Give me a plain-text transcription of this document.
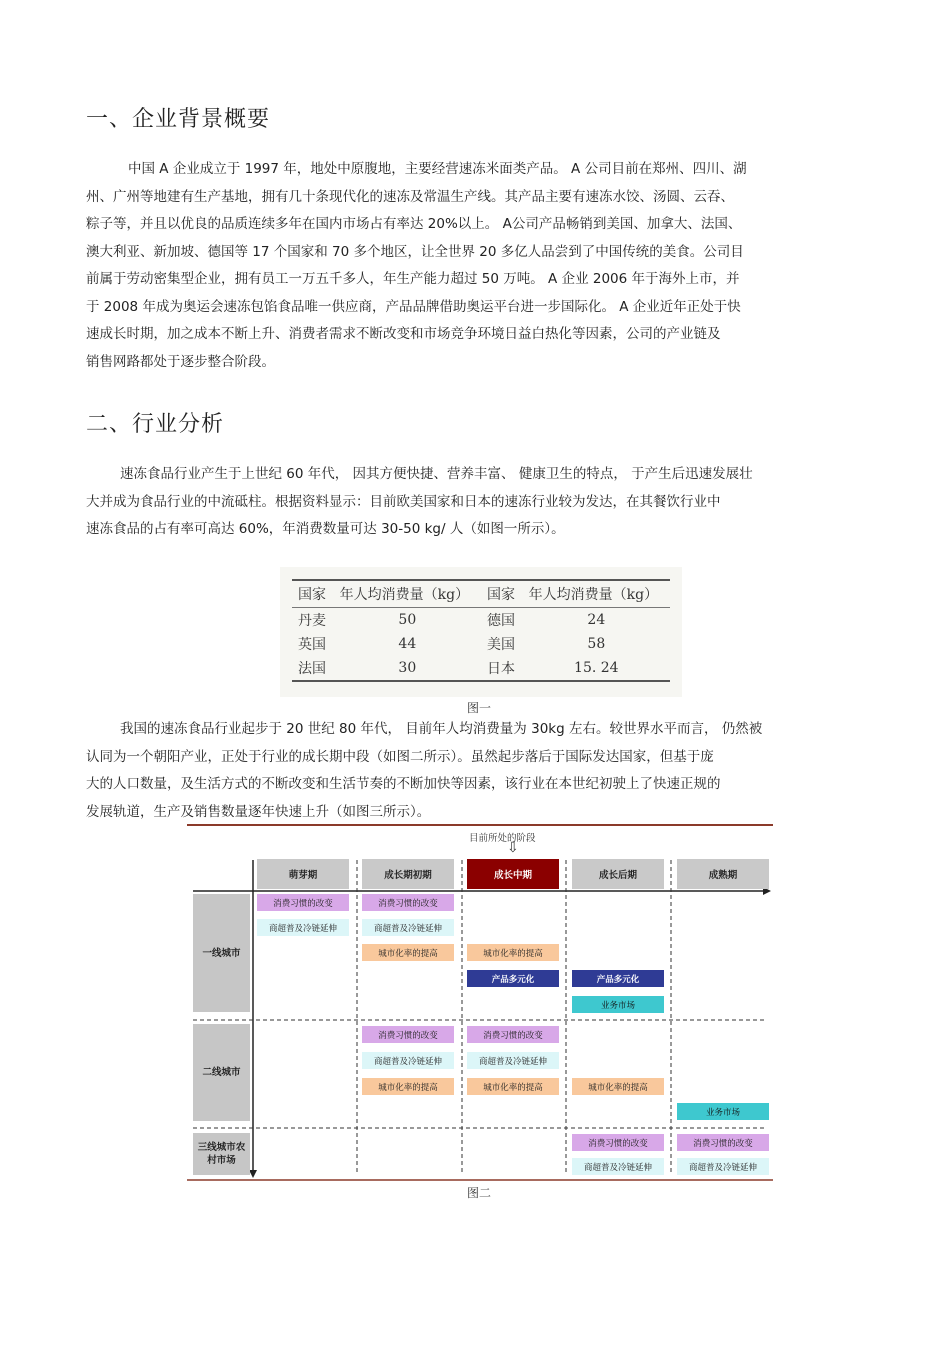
一、企业背景概要

中国 A 企业成立于 1997 年，地处中原腹地，主要经营速冻米面类产品。 A 公司目前在郑州、四川、湖

州、广州等地建有生产基地，拥有几十条现代化的速冻及常温生产线。其产品主要有速冻水饺、汤圆、云吞、

粽子等，并且以优良的品质连续多年在国内市场占有率达 20%以上。 A公司产品畅销到美国、加拿大、法国、

澳大利亚、新加坡、德国等 17 个国家和 70 多个地区，让全世界 20 多亿人品尝到了中国传统的美食。公司目

前属于劳动密集型企业，拥有员工一万五千多人，年生产能力超过 50 万吨。 A 企业 2006 年于海外上市，并

于 2008 年成为奥运会速冻包馅食品唯一供应商，产品品牌借助奥运平台进一步国际化。 A 企业近年正处于快

速成长时期，加之成本不断上升、消费者需求不断改变和市场竞争环境日益白热化等因素，公司的产业链及

销售网路都处于逐步整合阶段。

二、行业分析

速冻食品行业产生于上世纪 60 年代， 因其方便快捷、营养丰富、 健康卫生的特点， 于产生后迅速发展壮

大并成为食品行业的中流砥柱。根据资料显示：目前欧美国家和日本的速冻行业较为发达，在其餐饮行业中

速冻食品的占有率可高达 60%，年消费数量可达 30-50 kg/ 人（如图一所示）。

国家	年人均消费量（kg）	国家	年人均消费量（kg）
丹麦	50	德国	24
英国	44	美国	58
法国	30	日本	15. 24
图一

我国的速冻食品行业起步于 20 世纪 80 年代， 目前年人均消费量为 30kg 左右。较世界水平而言， 仍然被

认同为一个朝阳产业，正处于行业的成长期中段（如图二所示）。虽然起步落后于国际发达国家，但基于庞

大的人口数量，及生活方式的不断改变和生活节奏的不断加快等因素，该行业在本世纪初驶上了快速正规的

发展轨道，生产及销售数量逐年快速上升（如图三所示）。

目前所处的阶段
⇩
萌芽期	成长期初期	成长中期	成长后期	成熟期
一线城市
二线城市
三线城市农
村市场
消费习惯的改变
商超普及冷链延伸
消费习惯的改变
商超普及冷链延伸
城市化率的提高	城市化率的提高
产品多元化	产品多元化
业务市场
消费习惯的改变
商超普及冷链延伸
城市化率的提高
消费习惯的改变
商超普及冷链延伸
城市化率的提高	城市化率的提高
业务市场
消费习惯的改变
商超普及冷链延伸
消费习惯的改变
商超普及冷链延伸
图二
